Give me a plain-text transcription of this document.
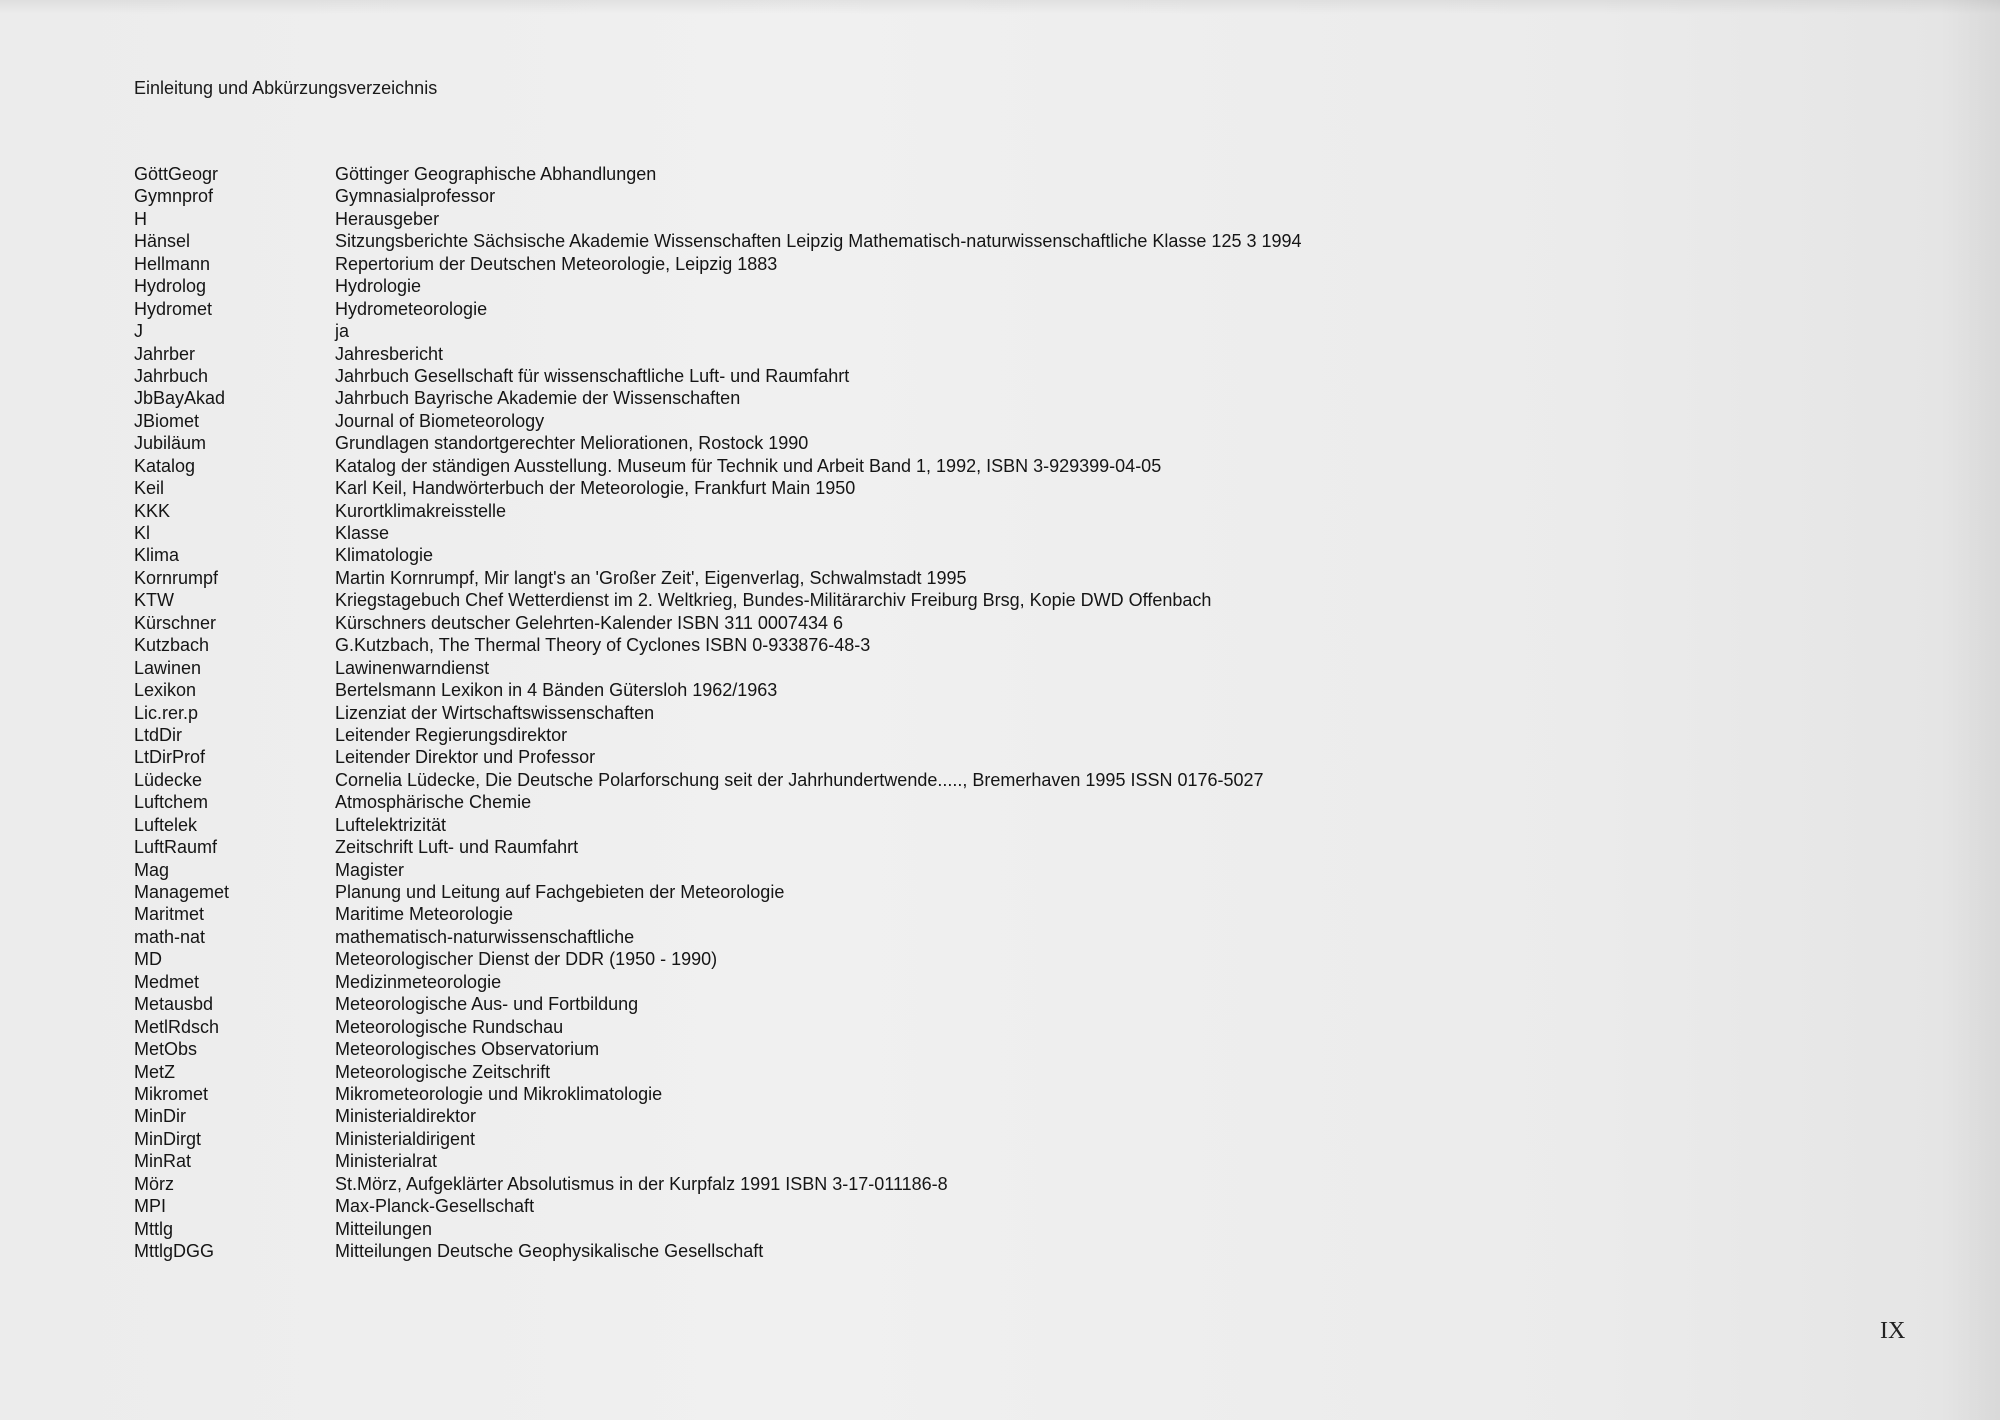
Einleitung und Abkürzungsverzeichnis
GöttGeogr	Göttinger Geographische Abhandlungen
Gymnprof	Gymnasialprofessor
H	Herausgeber
Hänsel	Sitzungsberichte Sächsische Akademie Wissenschaften Leipzig Mathematisch-naturwissenschaftliche Klasse 125 3 1994
Hellmann	Repertorium der Deutschen Meteorologie, Leipzig 1883
Hydrolog	Hydrologie
Hydromet	Hydrometeorologie
J	ja
Jahrber	Jahresbericht
Jahrbuch	Jahrbuch Gesellschaft für wissenschaftliche Luft- und Raumfahrt
JbBayAkad	Jahrbuch Bayrische Akademie der Wissenschaften
JBiomet	Journal of Biometeorology
Jubiläum	Grundlagen standortgerechter Meliorationen, Rostock 1990
Katalog	Katalog der ständigen Ausstellung. Museum für Technik und Arbeit Band 1, 1992, ISBN 3-929399-04-05
Keil	Karl Keil, Handwörterbuch der Meteorologie, Frankfurt Main 1950
KKK	Kurortklimakreisstelle
Kl	Klasse
Klima	Klimatologie
Kornrumpf	Martin Kornrumpf, Mir langt's an 'Großer Zeit', Eigenverlag, Schwalmstadt 1995
KTW	Kriegstagebuch Chef Wetterdienst im 2. Weltkrieg, Bundes-Militärarchiv Freiburg Brsg, Kopie DWD Offenbach
Kürschner	Kürschners deutscher Gelehrten-Kalender ISBN 311 0007434 6
Kutzbach	G.Kutzbach, The Thermal Theory of Cyclones ISBN 0-933876-48-3
Lawinen	Lawinenwarndienst
Lexikon	Bertelsmann Lexikon in 4 Bänden Gütersloh 1962/1963
Lic.rer.p	Lizenziat der Wirtschaftswissenschaften
LtdDir	Leitender Regierungsdirektor
LtDirProf	Leitender Direktor und Professor
Lüdecke	Cornelia Lüdecke, Die Deutsche Polarforschung seit der Jahrhundertwende....., Bremerhaven 1995 ISSN 0176-5027
Luftchem	Atmosphärische Chemie
Luftelek	Luftelektrizität
LuftRaumf	Zeitschrift Luft- und Raumfahrt
Mag	Magister
Managemet	Planung und Leitung auf Fachgebieten der Meteorologie
Maritmet	Maritime Meteorologie
math-nat	mathematisch-naturwissenschaftliche
MD	Meteorologischer Dienst der DDR (1950 - 1990)
Medmet	Medizinmeteorologie
Metausbd	Meteorologische Aus- und Fortbildung
MetlRdsch	Meteorologische Rundschau
MetObs	Meteorologisches Observatorium
MetZ	Meteorologische Zeitschrift
Mikromet	Mikrometeorologie und Mikroklimatologie
MinDir	Ministerialdirektor
MinDirgt	Ministerialdirigent
MinRat	Ministerialrat
Mörz	St.Mörz, Aufgeklärter Absolutismus in der Kurpfalz 1991 ISBN 3-17-011186-8
MPI	Max-Planck-Gesellschaft
Mttlg	Mitteilungen
MttlgDGG	Mitteilungen Deutsche Geophysikalische Gesellschaft
IX
